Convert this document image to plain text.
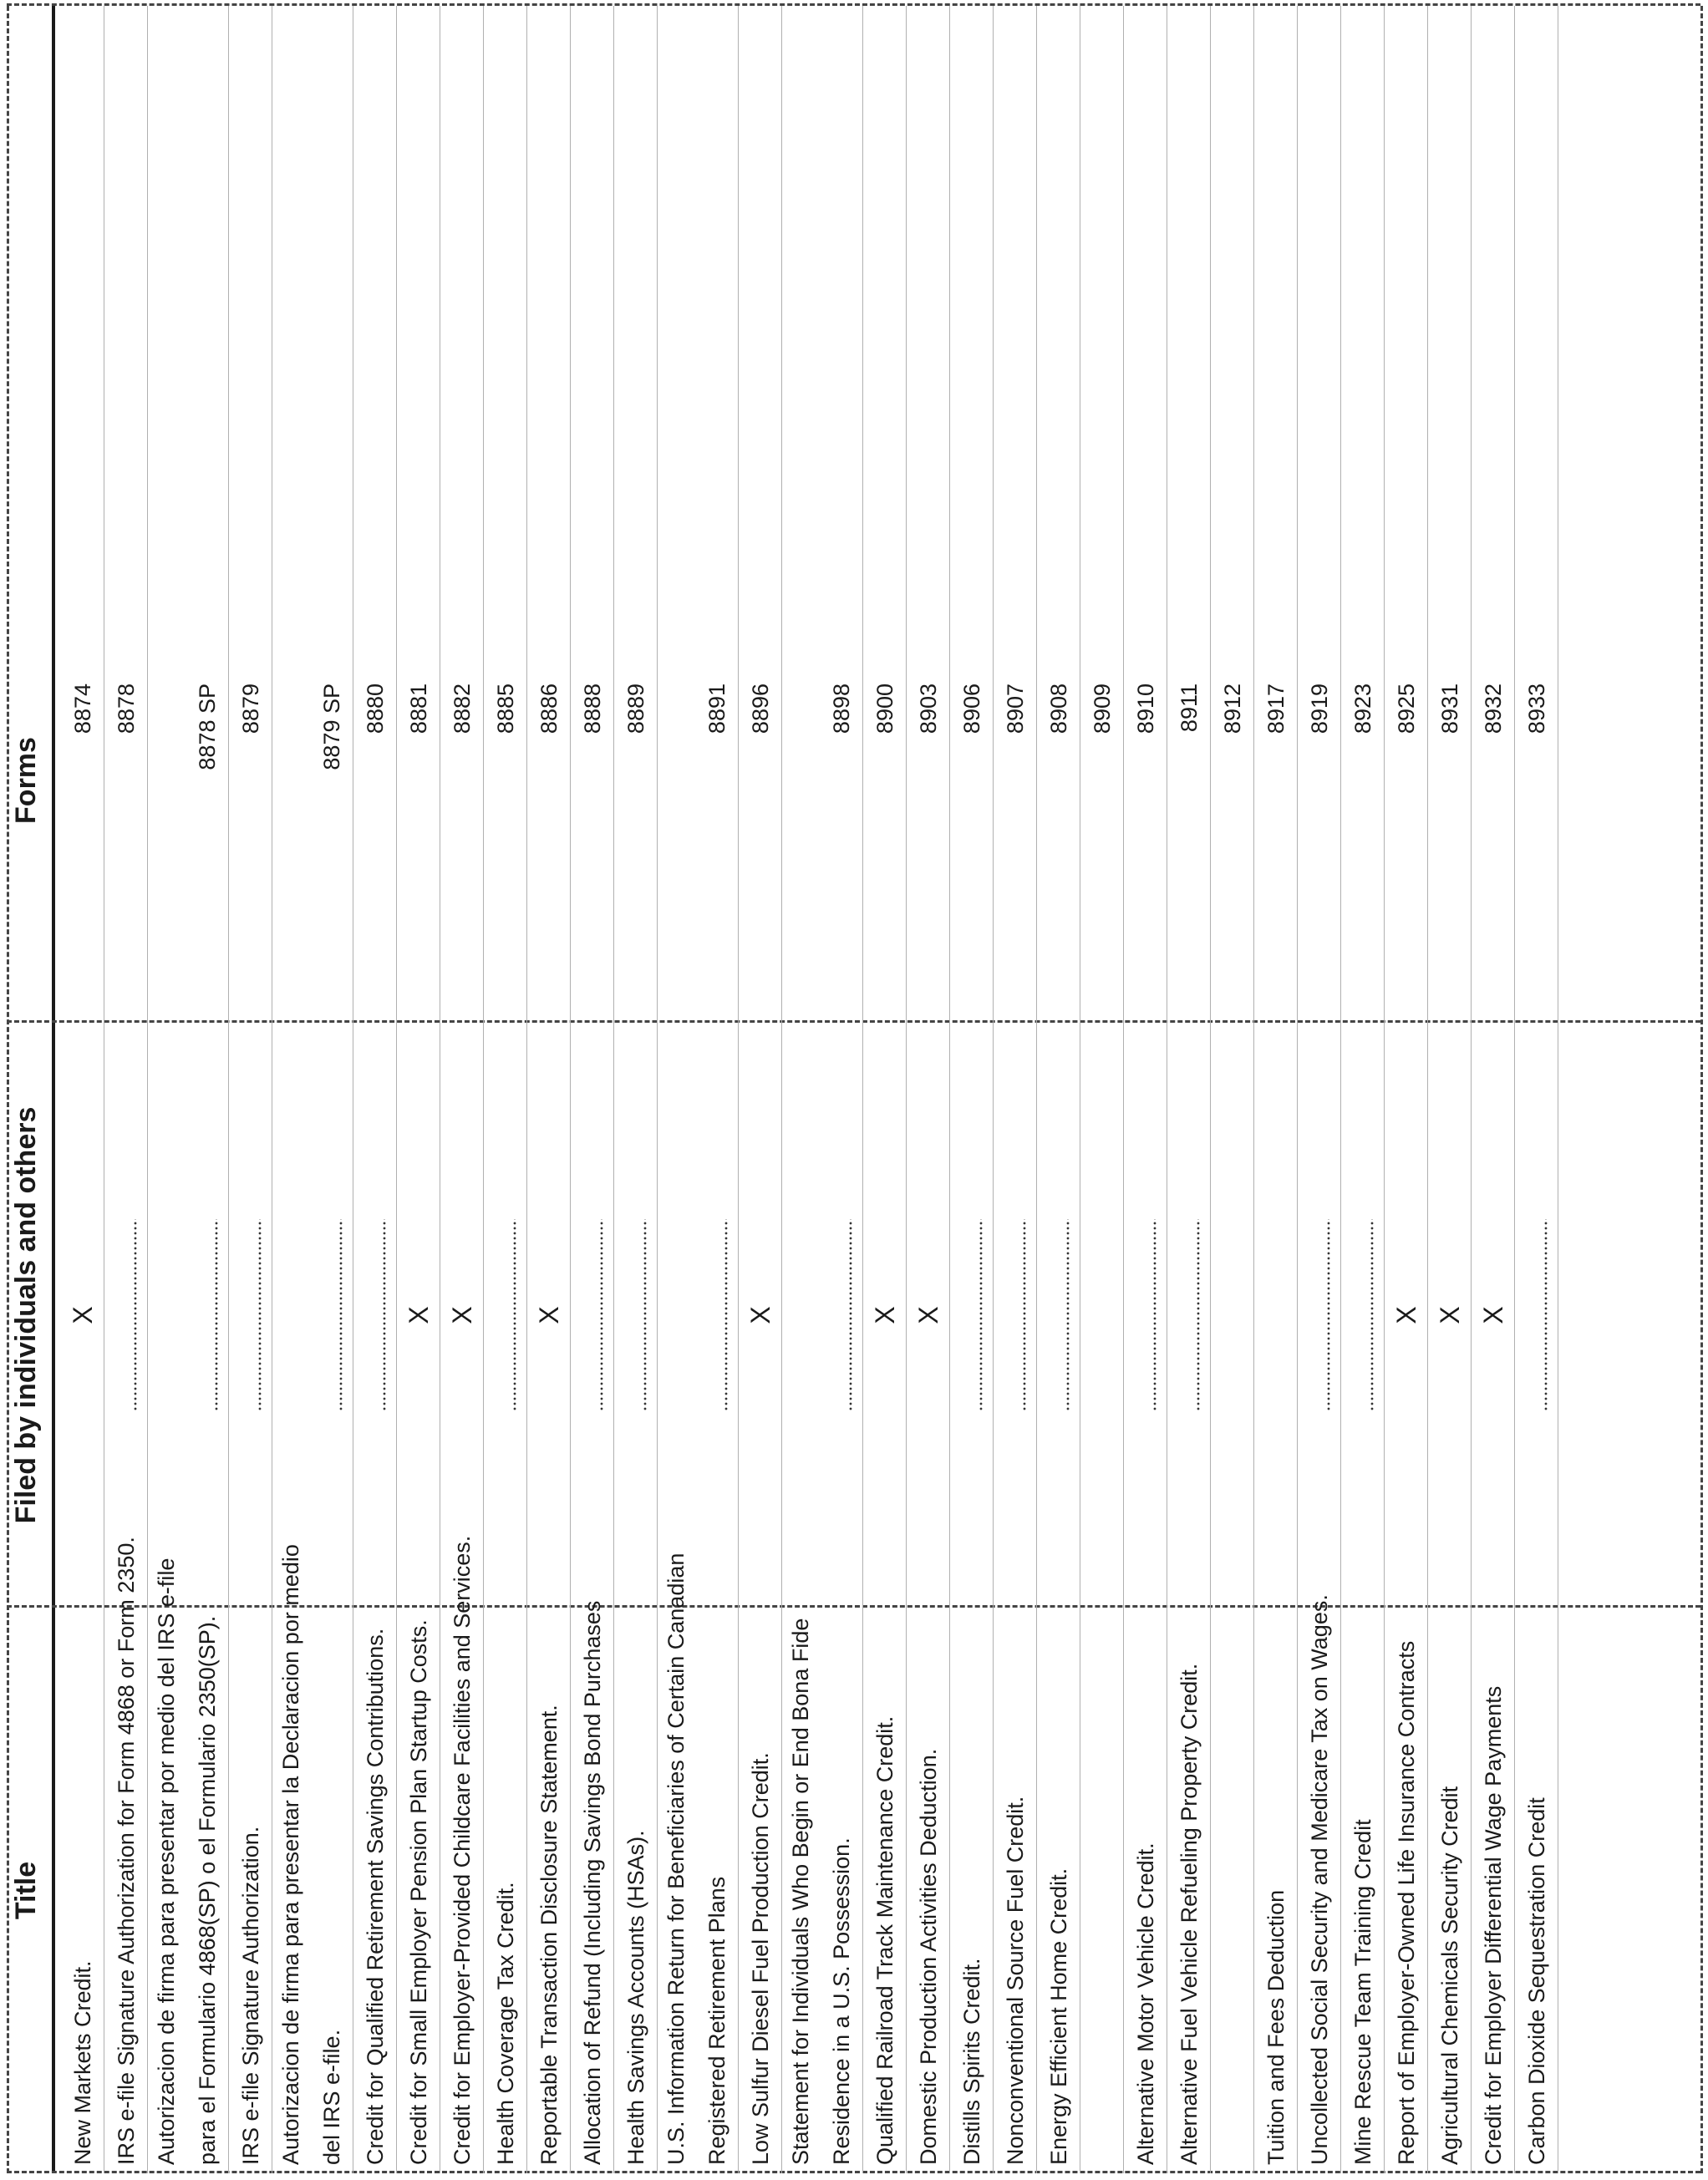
Title
Filed by individuals and others
Forms
New Markets Credit.
X
8874
IRS e-file Signature Authorization for Form 4868 or Form 2350.
8878
Autorizacion de firma para presentar por medio del IRS e-file para el Formulario 4868(SP) o el Formulario 2350(SP).
8878 SP
IRS e-file Signature Authorization.
8879
Autorizacion de firma para presentar la Declaracion por medio del IRS e-file.
8879 SP
Credit for Qualified Retirement Savings Contributions.
8880
Credit for Small Employer Pension Plan Startup Costs.
X
8881
Credit for Employer-Provided Childcare Facilities and Services.
X
8882
Health Coverage Tax Credit.
8885
Reportable Transaction Disclosure Statement.
X
8886
Allocation of Refund (Including Savings Bond Purchases
8888
Health Savings Accounts (HSAs).
8889
U.S. Information Return for Beneficiaries of Certain Canadian Registered Retirement Plans
8891
Low Sulfur Diesel Fuel Production Credit.
X
8896
Statement for Individuals Who Begin or End Bona Fide Residence in a U.S. Possession.
8898
Qualified Railroad Track Maintenance Credit.
X
8900
Domestic Production Activities Deduction.
X
8903
Distills Spirits Credit.
8906
Nonconventional Source Fuel Credit.
8907
Energy Efficient Home Credit.
8908 8909
Alternative Motor Vehicle Credit.
8910
Alternative Fuel Vehicle Refueling Property Credit.
8911 8912
Tuition and Fees Deduction
8917
Uncollected Social Security and Medicare Tax on Wages.
8919
Mine Rescue Team Training Credit
8923
Report of Employer-Owned Life Insurance Contracts
X
8925
Agricultural Chemicals Security Credit
X
8931
Credit for Employer Differential Wage Payments
X
8932
Carbon Dioxide Sequestration Credit
8933
